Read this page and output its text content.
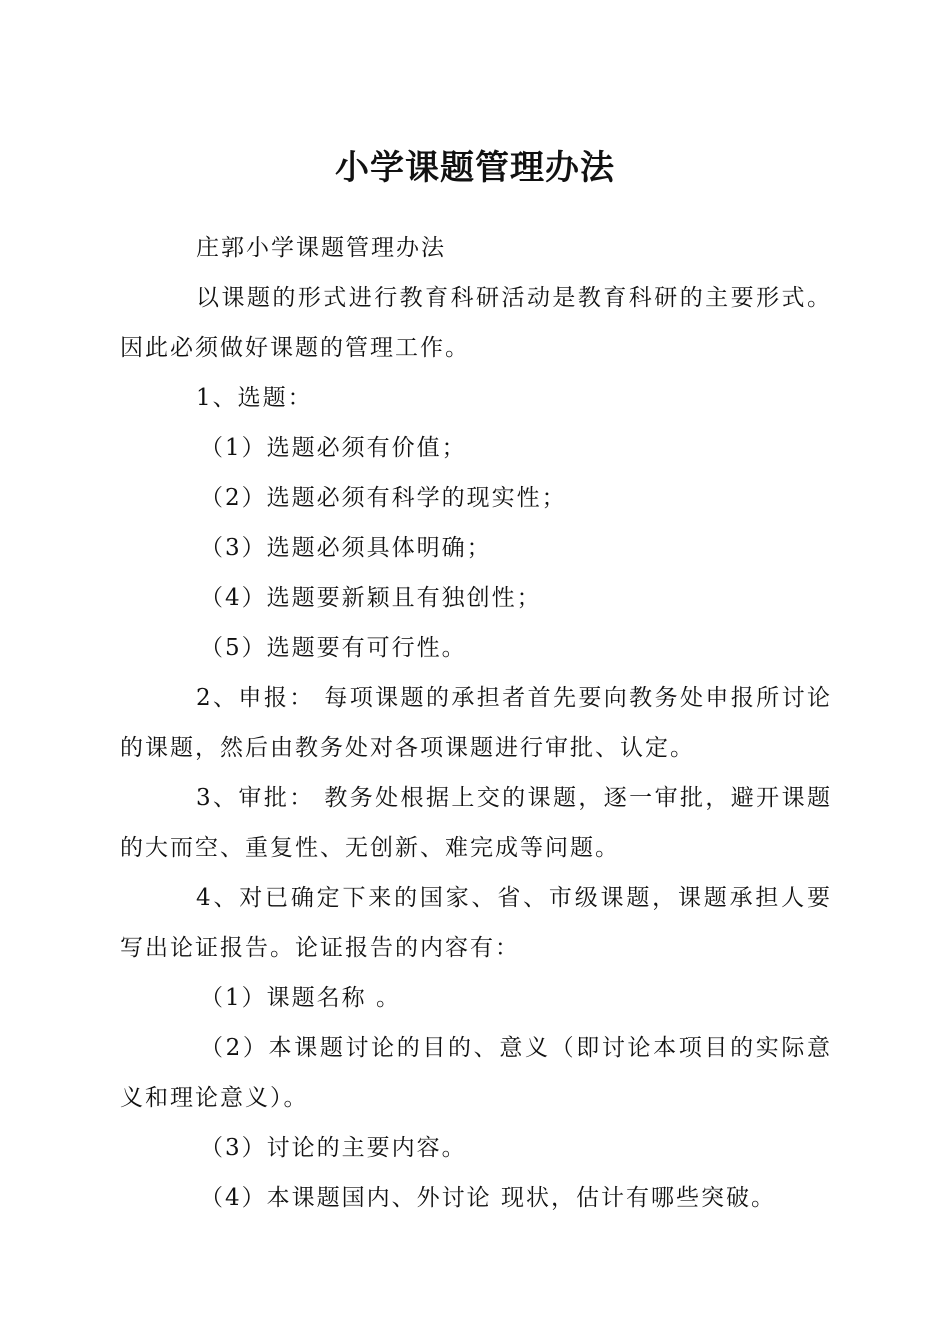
小学课题管理办法

庄郭小学课题管理办法

以课题的形式进行教育科研活动是教育科研的主要形式。因此必须做好课题的管理工作。

1、选题：

（1）选题必须有价值；

（2）选题必须有科学的现实性；

（3）选题必须具体明确；

（4）选题要新颖且有独创性；

（5）选题要有可行性。

2、申报： 每项课题的承担者首先要向教务处申报所讨论的课题，然后由教务处对各项课题进行审批、认定。

3、审批： 教务处根据上交的课题，逐一审批，避开课题的大而空、重复性、无创新、难完成等问题。

4、对已确定下来的国家、省、市级课题，课题承担人要写出论证报告。论证报告的内容有：

（1）课题名称 。

（2）本课题讨论的目的、意义（即讨论本项目的实际意义和理论意义）。

（3）讨论的主要内容。

（4）本课题国内、外讨论 现状，估计有哪些突破。
